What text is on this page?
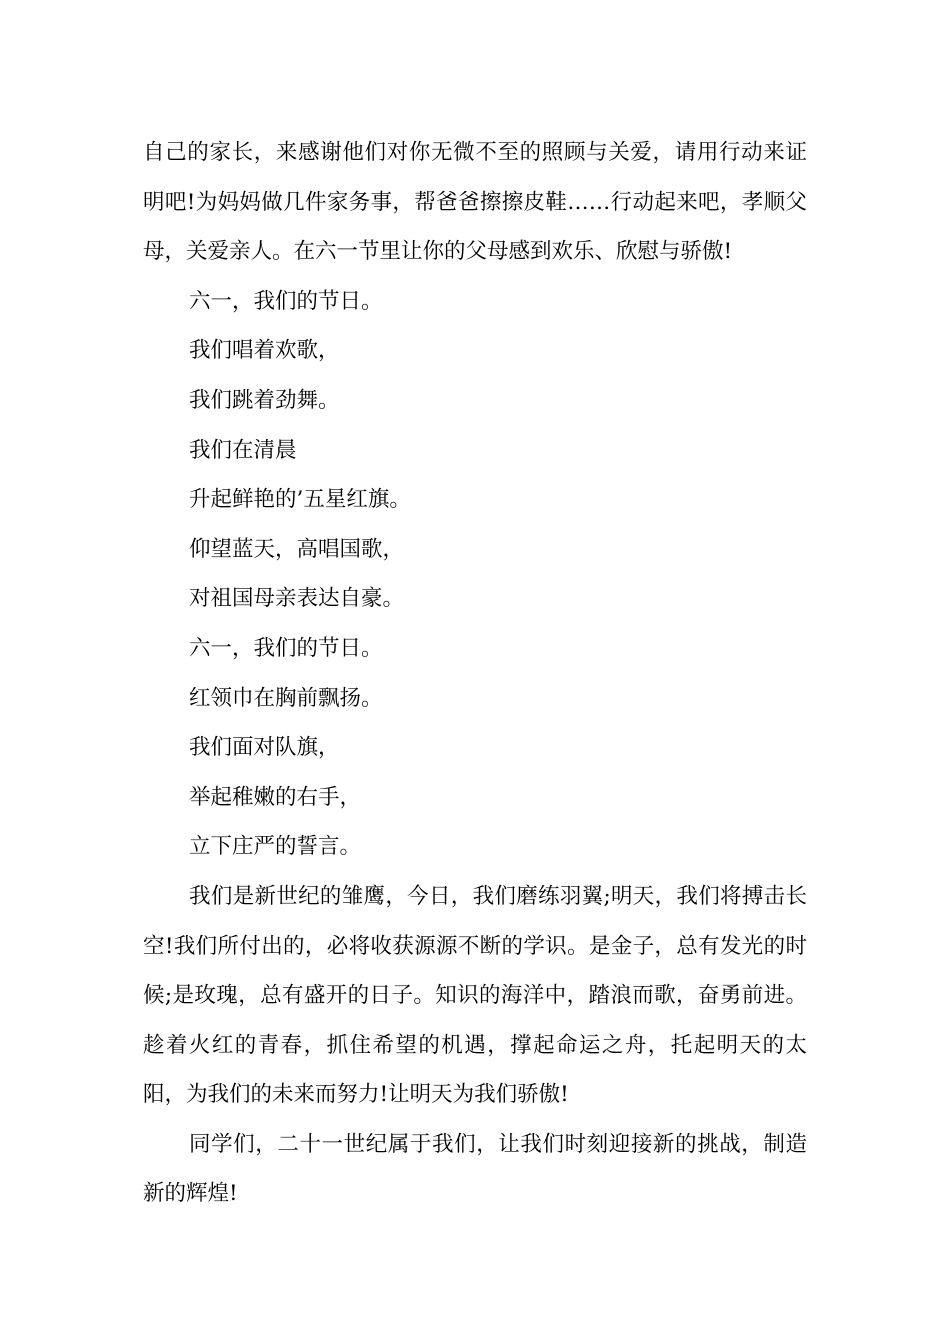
自己的家长，来感谢他们对你无微不至的照顾与关爱，请用行动来证明吧!为妈妈做几件家务事，帮爸爸擦擦皮鞋……行动起来吧，孝顺父母，关爱亲人。在六一节里让你的父母感到欢乐、欣慰与骄傲!

六一，我们的节日。

我们唱着欢歌，

我们跳着劲舞。

我们在清晨

升起鲜艳的’五星红旗。

仰望蓝天，高唱国歌，

对祖国母亲表达自豪。

六一，我们的节日。

红领巾在胸前飘扬。

我们面对队旗，

举起稚嫩的右手，

立下庄严的誓言。

我们是新世纪的雏鹰，今日，我们磨练羽翼;明天，我们将搏击长空!我们所付出的，必将收获源源不断的学识。是金子，总有发光的时候;是玫瑰，总有盛开的日子。知识的海洋中，踏浪而歌，奋勇前进。趁着火红的青春，抓住希望的机遇，撑起命运之舟，托起明天的太阳，为我们的未来而努力!让明天为我们骄傲!

同学们，二十一世纪属于我们，让我们时刻迎接新的挑战，制造新的辉煌!
